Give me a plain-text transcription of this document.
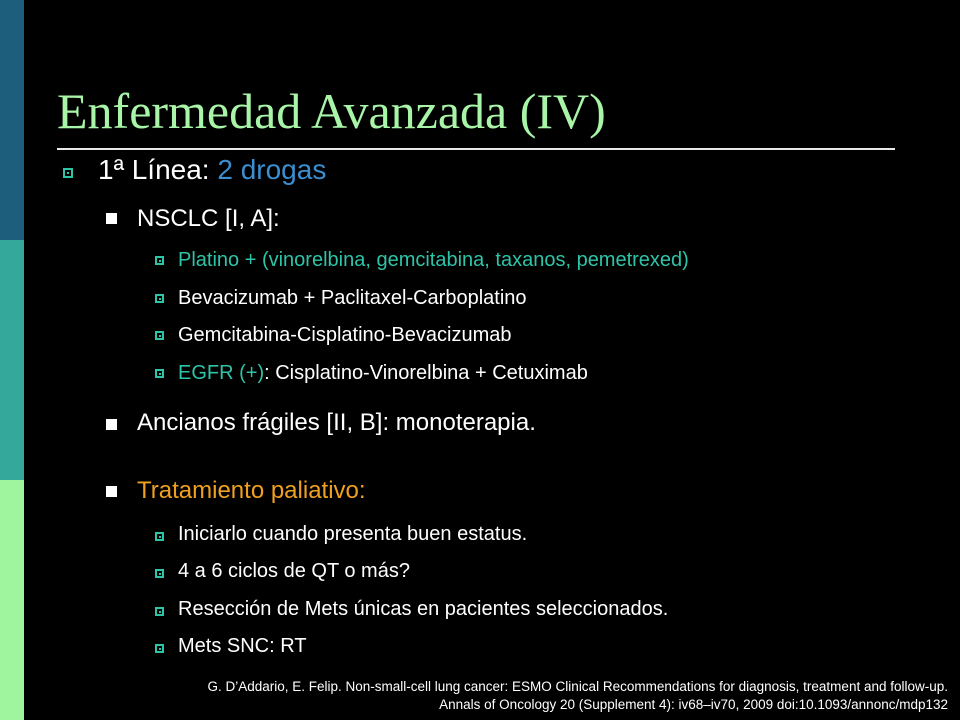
Enfermedad Avanzada (IV)
1ª Línea: 2 drogas
NSCLC [I, A]:
Platino + (vinorelbina, gemcitabina, taxanos, pemetrexed)
Bevacizumab + Paclitaxel-Carboplatino
Gemcitabina-Cisplatino-Bevacizumab
EGFR (+): Cisplatino-Vinorelbina + Cetuximab
Ancianos frágiles [II, B]: monoterapia.
Tratamiento paliativo:
Iniciarlo cuando presenta buen estatus.
4 a 6 ciclos de QT o más?
Resección de Mets únicas en pacientes seleccionados.
Mets SNC: RT
G. D’Addario, E. Felip. Non-small-cell lung cancer: ESMO Clinical Recommendations for diagnosis, treatment and follow-up.
Annals of Oncology 20 (Supplement 4): iv68–iv70, 2009 doi:10.1093/annonc/mdp132
